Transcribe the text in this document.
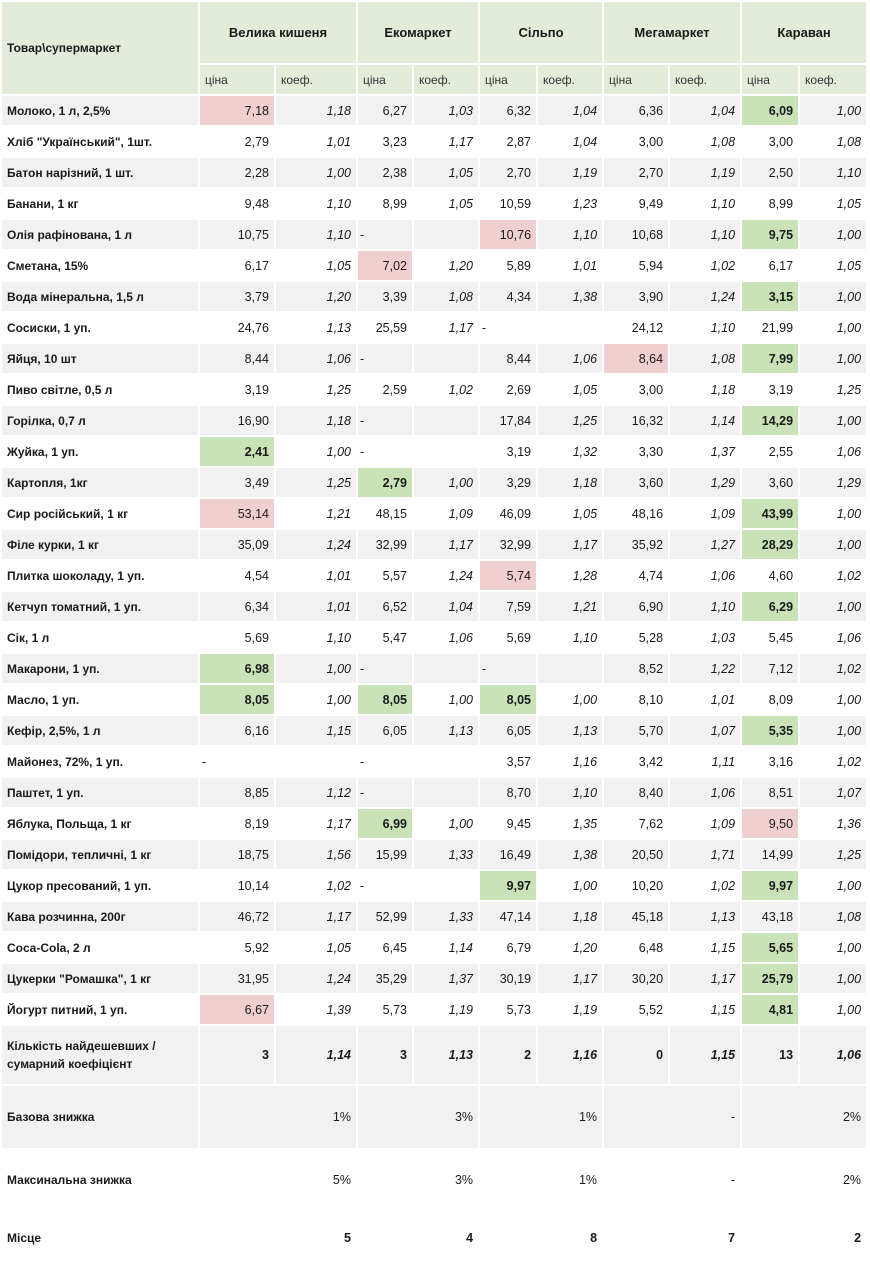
Товар\супермаркет	Велика кишеня		Екомаркет		Сільпо		Мегамаркет		Караван	
	ціна	коеф.	ціна	коеф.	ціна	коеф.	ціна	коеф.	ціна	коеф.
Молоко, 1 л, 2,5%	7,18	1,18	6,27	1,03	6,32	1,04	6,36	1,04	6,09	1,00
Хліб "Український", 1шт.	2,79	1,01	3,23	1,17	2,87	1,04	3,00	1,08	3,00	1,08
Батон нарізний, 1 шт.	2,28	1,00	2,38	1,05	2,70	1,19	2,70	1,19	2,50	1,10
Банани, 1 кг	9,48	1,10	8,99	1,05	10,59	1,23	9,49	1,10	8,99	1,05
Олія рафінована, 1 л	10,75	1,10	-		10,76	1,10	10,68	1,10	9,75	1,00
Сметана, 15%	6,17	1,05	7,02	1,20	5,89	1,01	5,94	1,02	6,17	1,05
Вода мінеральна, 1,5 л	3,79	1,20	3,39	1,08	4,34	1,38	3,90	1,24	3,15	1,00
Сосиски, 1 уп.	24,76	1,13	25,59	1,17	-		24,12	1,10	21,99	1,00
Яйця, 10 шт	8,44	1,06	-		8,44	1,06	8,64	1,08	7,99	1,00
Пиво світле, 0,5 л	3,19	1,25	2,59	1,02	2,69	1,05	3,00	1,18	3,19	1,25
Горілка, 0,7 л	16,90	1,18	-		17,84	1,25	16,32	1,14	14,29	1,00
Жуйка, 1 уп.	2,41	1,00	-		3,19	1,32	3,30	1,37	2,55	1,06
Картопля, 1кг	3,49	1,25	2,79	1,00	3,29	1,18	3,60	1,29	3,60	1,29
Сир російський, 1 кг	53,14	1,21	48,15	1,09	46,09	1,05	48,16	1,09	43,99	1,00
Філе курки, 1 кг	35,09	1,24	32,99	1,17	32,99	1,17	35,92	1,27	28,29	1,00
Плитка шоколаду, 1 уп.	4,54	1,01	5,57	1,24	5,74	1,28	4,74	1,06	4,60	1,02
Кетчуп томатний, 1 уп.	6,34	1,01	6,52	1,04	7,59	1,21	6,90	1,10	6,29	1,00
Сік, 1 л	5,69	1,10	5,47	1,06	5,69	1,10	5,28	1,03	5,45	1,06
Макарони, 1 уп.	6,98	1,00	-		-		8,52	1,22	7,12	1,02
Масло, 1 уп.	8,05	1,00	8,05	1,00	8,05	1,00	8,10	1,01	8,09	1,00
Кефір, 2,5%, 1 л	6,16	1,15	6,05	1,13	6,05	1,13	5,70	1,07	5,35	1,00
Майонез, 72%, 1 уп.	-		-		3,57	1,16	3,42	1,11	3,16	1,02
Паштет, 1 уп.	8,85	1,12	-		8,70	1,10	8,40	1,06	8,51	1,07
Яблука, Польща, 1 кг	8,19	1,17	6,99	1,00	9,45	1,35	7,62	1,09	9,50	1,36
Помідори, тепличні, 1 кг	18,75	1,56	15,99	1,33	16,49	1,38	20,50	1,71	14,99	1,25
Цукор пресований, 1 уп.	10,14	1,02	-		9,97	1,00	10,20	1,02	9,97	1,00
Кава розчинна, 200г	46,72	1,17	52,99	1,33	47,14	1,18	45,18	1,13	43,18	1,08
Coca-Cola, 2 л	5,92	1,05	6,45	1,14	6,79	1,20	6,48	1,15	5,65	1,00
Цукерки "Ромашка", 1 кг	31,95	1,24	35,29	1,37	30,19	1,17	30,20	1,17	25,79	1,00
Йогурт питний, 1 уп.	6,67	1,39	5,73	1,19	5,73	1,19	5,52	1,15	4,81	1,00
Кількість найдешевших / сумарний коефіцієнт	3	1,14	3	1,13	2	1,16	0	1,15	13	1,06
Базова знижка	1%		3%		1%		-		2%	
Максинальна знижка	5%		3%		1%		-		2%	
Місце	5		4		8		7		2	
